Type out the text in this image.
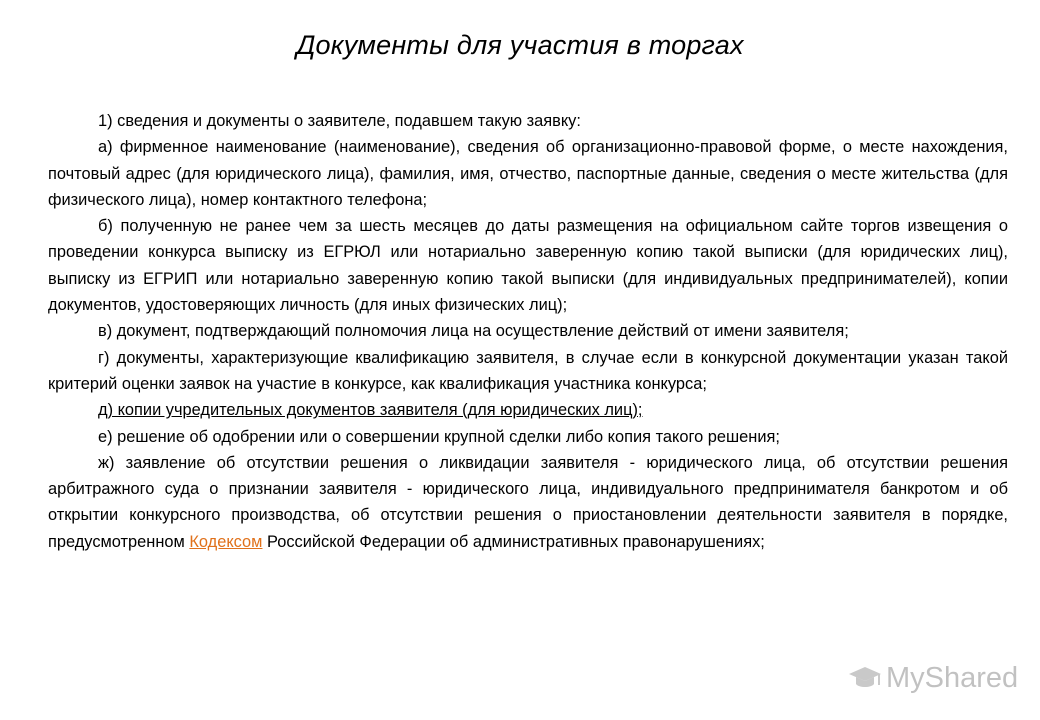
Документы для участия в торгах

1) сведения и документы о заявителе, подавшем такую заявку:

а) фирменное наименование (наименование), сведения об организационно-правовой форме, о месте нахождения, почтовый адрес (для юридического лица), фамилия, имя, отчество, паспортные данные, сведения о месте жительства (для физического лица), номер контактного телефона;

б) полученную не ранее чем за шесть месяцев до даты размещения на официальном сайте торгов извещения о проведении конкурса выписку из ЕГРЮЛ или нотариально заверенную копию такой выписки (для юридических лиц), выписку из ЕГРИП или нотариально заверенную копию такой выписки (для индивидуальных предпринимателей), копии документов, удостоверяющих личность (для иных физических лиц);

в) документ, подтверждающий полномочия лица на осуществление действий от имени заявителя;

г) документы, характеризующие квалификацию заявителя, в случае если в конкурсной документации указан такой критерий оценки заявок на участие в конкурсе, как квалификация участника конкурса;

д) копии учредительных документов заявителя (для юридических лиц);

е) решение об одобрении или о совершении крупной сделки либо копия такого решения;

ж) заявление об отсутствии решения о ликвидации заявителя - юридического лица, об отсутствии решения арбитражного суда о признании заявителя - юридического лица, индивидуального предпринимателя банкротом и об открытии конкурсного производства, об отсутствии решения о приостановлении деятельности заявителя в порядке, предусмотренном Кодексом Российской Федерации об административных правонарушениях;

MyShared
